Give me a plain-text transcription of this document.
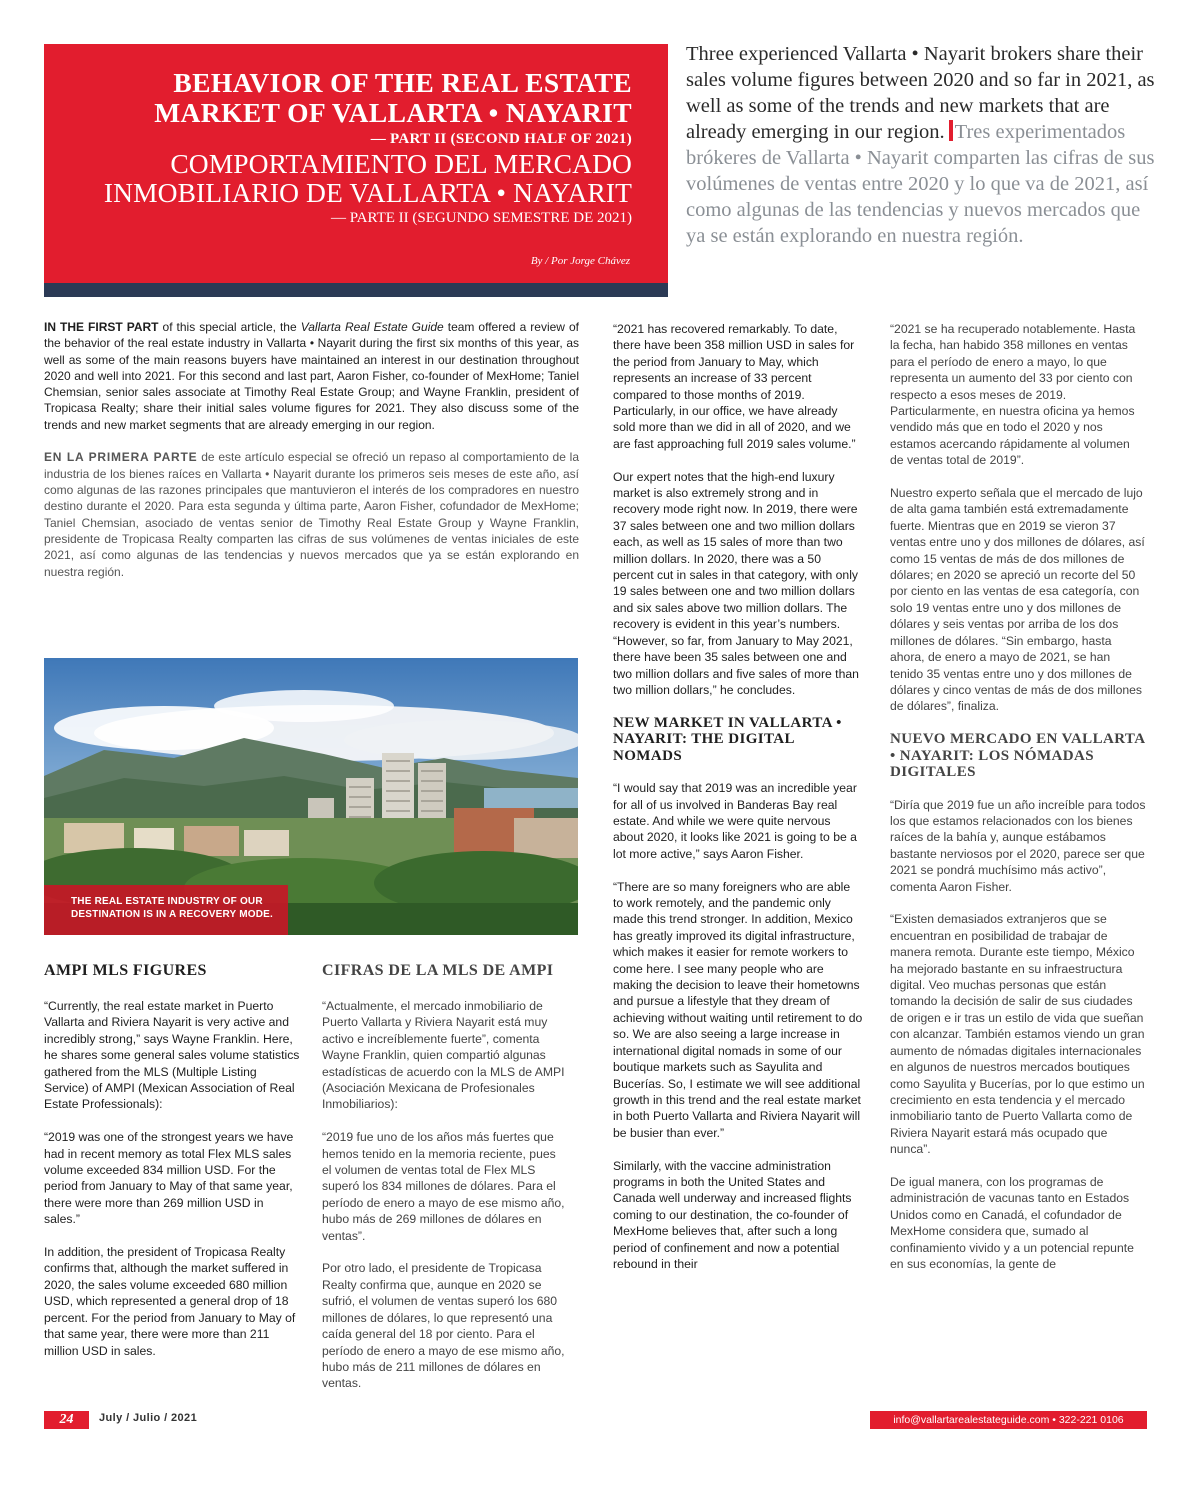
BEHAVIOR OF THE REAL ESTATE MARKET OF VALLARTA • NAYARIT
— PART II (SECOND HALF OF 2021)
COMPORTAMIENTO DEL MERCADO INMOBILIARIO DE VALLARTA • NAYARIT
— PARTE II (SEGUNDO SEMESTRE DE 2021)
By / Por Jorge Chávez
Three experienced Vallarta • Nayarit brokers share their sales volume figures between 2020 and so far in 2021, as well as some of the trends and new markets that are already emerging in our region. Tres experimentados brókeres de Vallarta • Nayarit comparten las cifras de sus volúmenes de ventas entre 2020 y lo que va de 2021, así como algunas de las tendencias y nuevos mercados que ya se están explorando en nuestra región.

IN THE FIRST PART of this special article, the Vallarta Real Estate Guide team offered a review of the behavior of the real estate industry in Vallarta • Nayarit during the first six months of this year, as well as some of the main reasons buyers have maintained an interest in our destination throughout 2020 and well into 2021. For this second and last part, Aaron Fisher, co-founder of MexHome; Taniel Chemsian, senior sales associate at Timothy Real Estate Group; and Wayne Franklin, president of Tropicasa Realty; share their initial sales volume figures for 2021. They also discuss some of the trends and new market segments that are already emerging in our region.

EN LA PRIMERA PARTE de este artículo especial se ofreció un repaso al comportamiento de la industria de los bienes raíces en Vallarta • Nayarit durante los primeros seis meses de este año, así como algunas de las razones principales que mantuvieron el interés de los compradores en nuestro destino durante el 2020. Para esta segunda y última parte, Aaron Fisher, cofundador de MexHome; Taniel Chemsian, asociado de ventas senior de Timothy Real Estate Group y Wayne Franklin, presidente de Tropicasa Realty comparten las cifras de sus volúmenes de ventas iniciales de este 2021, así como algunas de las tendencias y nuevos mercados que ya se están explorando en nuestra región.

THE REAL ESTATE INDUSTRY OF OUR DESTINATION IS IN A RECOVERY MODE.
AMPI MLS FIGURES	CIFRAS DE LA MLS DE AMPI

“Currently, the real estate market in Puerto Vallarta and Riviera Nayarit is very active and incredibly strong,” says Wayne Franklin. Here, he shares some general sales volume statistics gathered from the MLS (Multiple Listing Service) of AMPI (Mexican Association of Real Estate Professionals):

“2019 was one of the strongest years we have had in recent memory as total Flex MLS sales volume exceeded 834 million USD. For the period from January to May of that same year, there were more than 269 million USD in sales.”

In addition, the president of Tropicasa Realty confirms that, although the market suffered in 2020, the sales volume exceeded 680 million USD, which represented a general drop of 18 percent. For the period from January to May of that same year, there were more than 211 million USD in sales.

“Actualmente, el mercado inmobiliario de Puerto Vallarta y Riviera Nayarit está muy activo e increíblemente fuerte”, comenta Wayne Franklin, quien compartió algunas estadísticas de acuerdo con la MLS de AMPI (Asociación Mexicana de Profesionales Inmobiliarios):

“2019 fue uno de los años más fuertes que hemos tenido en la memoria reciente, pues el volumen de ventas total de Flex MLS superó los 834 millones de dólares. Para el período de enero a mayo de ese mismo año, hubo más de 269 millones de dólares en ventas”.

Por otro lado, el presidente de Tropicasa Realty confirma que, aunque en 2020 se sufrió, el volumen de ventas superó los 680 millones de dólares, lo que representó una caída general del 18 por ciento. Para el período de enero a mayo de ese mismo año, hubo más de 211 millones de dólares en ventas.

“2021 has recovered remarkably. To date, there have been 358 million USD in sales for the period from January to May, which represents an increase of 33 percent compared to those months of 2019. Particularly, in our office, we have already sold more than we did in all of 2020, and we are fast approaching full 2019 sales volume.”

Our expert notes that the high-end luxury market is also extremely strong and in recovery mode right now. In 2019, there were 37 sales between one and two million dollars each, as well as 15 sales of more than two million dollars. In 2020, there was a 50 percent cut in sales in that category, with only 19 sales between one and two million dollars and six sales above two million dollars. The recovery is evident in this year’s numbers. “However, so far, from January to May 2021, there have been 35 sales between one and two million dollars and five sales of more than two million dollars,” he concludes.

NEW MARKET IN VALLARTA • NAYARIT: THE DIGITAL NOMADS

“I would say that 2019 was an incredible year for all of us involved in Banderas Bay real estate. And while we were quite nervous about 2020, it looks like 2021 is going to be a lot more active,” says Aaron Fisher.

“There are so many foreigners who are able to work remotely, and the pandemic only made this trend stronger. In addition, Mexico has greatly improved its digital infrastructure, which makes it easier for remote workers to come here. I see many people who are making the decision to leave their hometowns and pursue a lifestyle that they dream of achieving without waiting until retirement to do so. We are also seeing a large increase in international digital nomads in some of our boutique markets such as Sayulita and Bucerías. So, I estimate we will see additional growth in this trend and the real estate market in both Puerto Vallarta and Riviera Nayarit will be busier than ever.”

Similarly, with the vaccine administration programs in both the United States and Canada well underway and increased flights coming to our destination, the co-founder of MexHome believes that, after such a long period of confinement and now a potential rebound in their

“2021 se ha recuperado notablemente. Hasta la fecha, han habido 358 millones en ventas para el período de enero a mayo, lo que representa un aumento del 33 por ciento con respecto a esos meses de 2019. Particularmente, en nuestra oficina ya hemos vendido más que en todo el 2020 y nos estamos acercando rápidamente al volumen de ventas total de 2019”.

Nuestro experto señala que el mercado de lujo de alta gama también está extremadamente fuerte. Mientras que en 2019 se vieron 37 ventas entre uno y dos millones de dólares, así como 15 ventas de más de dos millones de dólares; en 2020 se apreció un recorte del 50 por ciento en las ventas de esa categoría, con solo 19 ventas entre uno y dos millones de dólares y seis ventas por arriba de los dos millones de dólares. “Sin embargo, hasta ahora, de enero a mayo de 2021, se han tenido 35 ventas entre uno y dos millones de dólares y cinco ventas de más de dos millones de dólares”, finaliza.

NUEVO MERCADO EN VALLARTA • NAYARIT: LOS NÓMADAS DIGITALES

“Diría que 2019 fue un año increíble para todos los que estamos relacionados con los bienes raíces de la bahía y, aunque estábamos bastante nerviosos por el 2020, parece ser que 2021 se pondrá muchísimo más activo”, comenta Aaron Fisher.

“Existen demasiados extranjeros que se encuentran en posibilidad de trabajar de manera remota. Durante este tiempo, México ha mejorado bastante en su infraestructura digital. Veo muchas personas que están tomando la decisión de salir de sus ciudades de origen e ir tras un estilo de vida que sueñan con alcanzar. También estamos viendo un gran aumento de nómadas digitales internacionales en algunos de nuestros mercados boutiques como Sayulita y Bucerías, por lo que estimo un crecimiento en esta tendencia y el mercado inmobiliario tanto de Puerto Vallarta como de Riviera Nayarit estará más ocupado que nunca”.

De igual manera, con los programas de administración de vacunas tanto en Estados Unidos como en Canadá, el cofundador de MexHome considera que, sumado al confinamiento vivido y a un potencial repunte en sus economías, la gente de

24	July / Julio / 2021	info@vallartarealestateguide.com • 322-221 0106
